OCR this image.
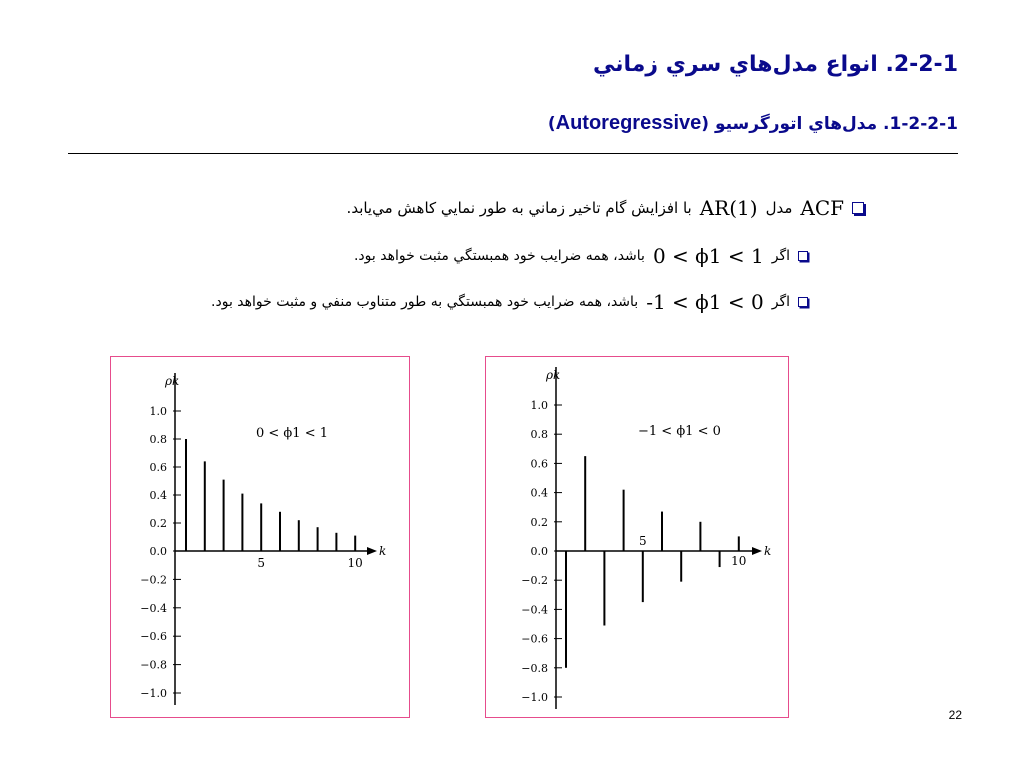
2-2-1. انواع مدل‌هاي سري زماني
1-2-2-1. مدل‌هاي اتورگرسيو (Autoregressive)
ACF
مدل
AR(1)
با افزايش گام تاخير زماني به طور نمايي كاهش مي‌يابد.
اگر
0 < ϕ1 < 1
باشد، همه ضرايب خود همبستگي مثبت خواهد بود.
اگر
-1 < ϕ1 < 0
باشد، همه ضرايب خود همبستگي به طور متناوب منفي و مثبت خواهد بود.
ρk
k
1.0
0.8
0.6
0.4
0.2
0.0
−0.2
−0.4
−0.6
−0.8
−1.0
5	10
0 < ϕ1 < 1
ρk
k
1.0
0.8
0.6
0.4
0.2
0.0
−0.2
−0.4
−0.6
−0.8
−1.0
5
10
−1 < ϕ1 < 0
22
